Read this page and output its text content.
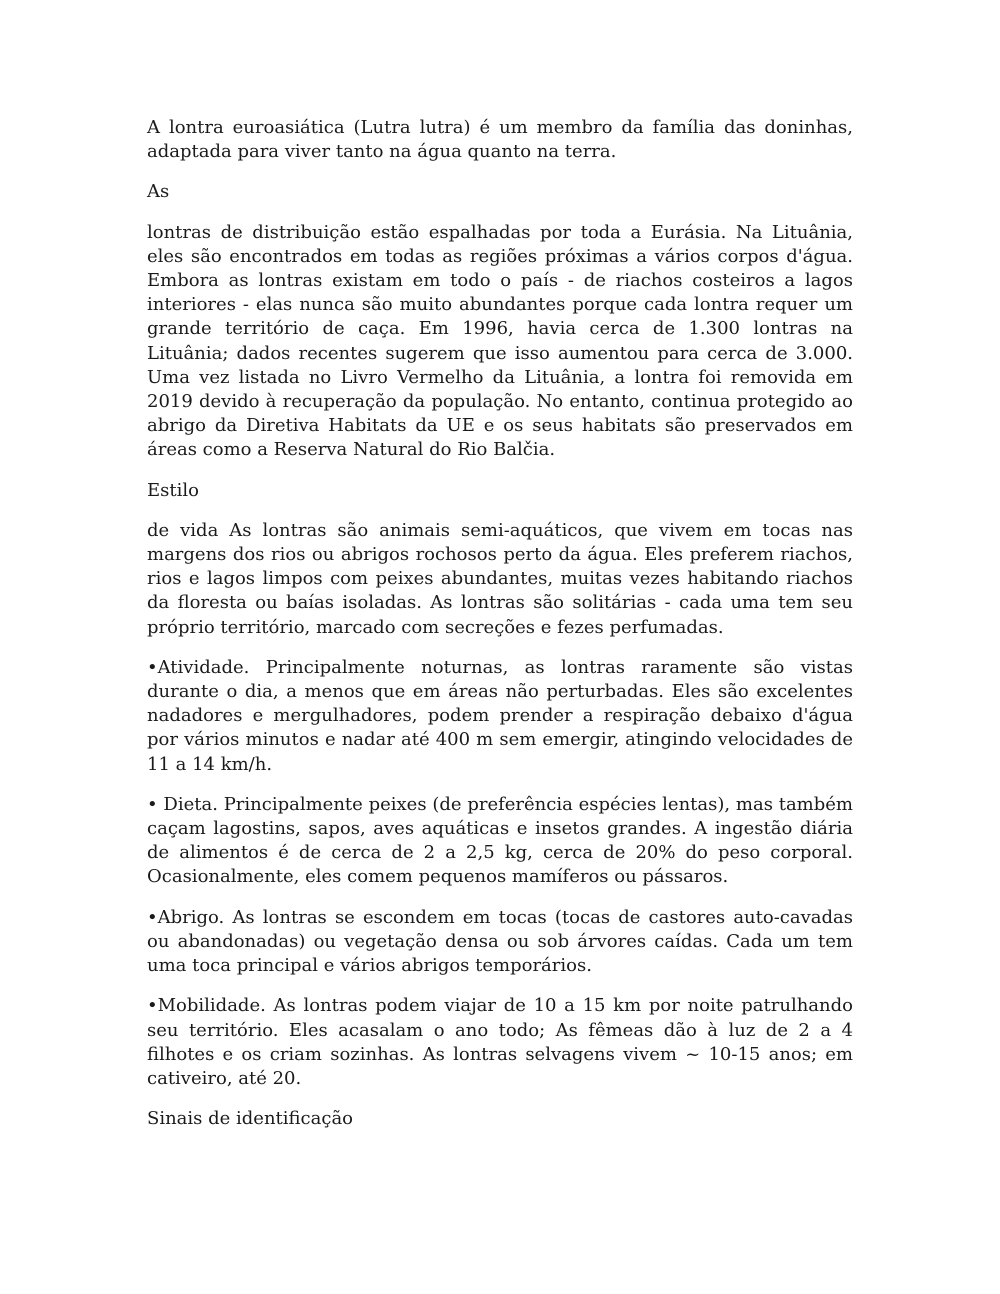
A lontra euroasiática (Lutra lutra) é um membro da família das doninhas, adaptada para viver tanto na água quanto na terra.

As

lontras de distribuição estão espalhadas por toda a Eurásia. Na Lituânia, eles são encontrados em todas as regiões próximas a vários corpos d'água. Embora as lontras existam em todo o país - de riachos costeiros a lagos interiores - elas nunca são muito abundantes porque cada lontra requer um grande território de caça. Em 1996, havia cerca de 1.300 lontras na Lituânia; dados recentes sugerem que isso aumentou para cerca de 3.000. Uma vez listada no Livro Vermelho da Lituânia, a lontra foi removida em 2019 devido à recuperação da população. No entanto, continua protegido ao abrigo da Diretiva Habitats da UE e os seus habitats são preservados em áreas como a Reserva Natural do Rio Balčia.

Estilo

de vida As lontras são animais semi-aquáticos, que vivem em tocas nas margens dos rios ou abrigos rochosos perto da água. Eles preferem riachos, rios e lagos limpos com peixes abundantes, muitas vezes habitando riachos da floresta ou baías isoladas. As lontras são solitárias - cada uma tem seu próprio território, marcado com secreções e fezes perfumadas.

•Atividade. Principalmente noturnas, as lontras raramente são vistas durante o dia, a menos que em áreas não perturbadas. Eles são excelentes nadadores e mergulhadores, podem prender a respiração debaixo d'água por vários minutos e nadar até 400 m sem emergir, atingindo velocidades de 11 a 14 km/h.

• Dieta. Principalmente peixes (de preferência espécies lentas), mas também caçam lagostins, sapos, aves aquáticas e insetos grandes. A ingestão diária de alimentos é de cerca de 2 a 2,5 kg, cerca de 20% do peso corporal. Ocasionalmente, eles comem pequenos mamíferos ou pássaros.

•Abrigo. As lontras se escondem em tocas (tocas de castores auto-cavadas ou abandonadas) ou vegetação densa ou sob árvores caídas. Cada um tem uma toca principal e vários abrigos temporários.

•Mobilidade. As lontras podem viajar de 10 a 15 km por noite patrulhando seu território. Eles acasalam o ano todo; As fêmeas dão à luz de 2 a 4 filhotes e os criam sozinhas. As lontras selvagens vivem ~ 10-15 anos; em cativeiro, até 20.

Sinais de identificação
